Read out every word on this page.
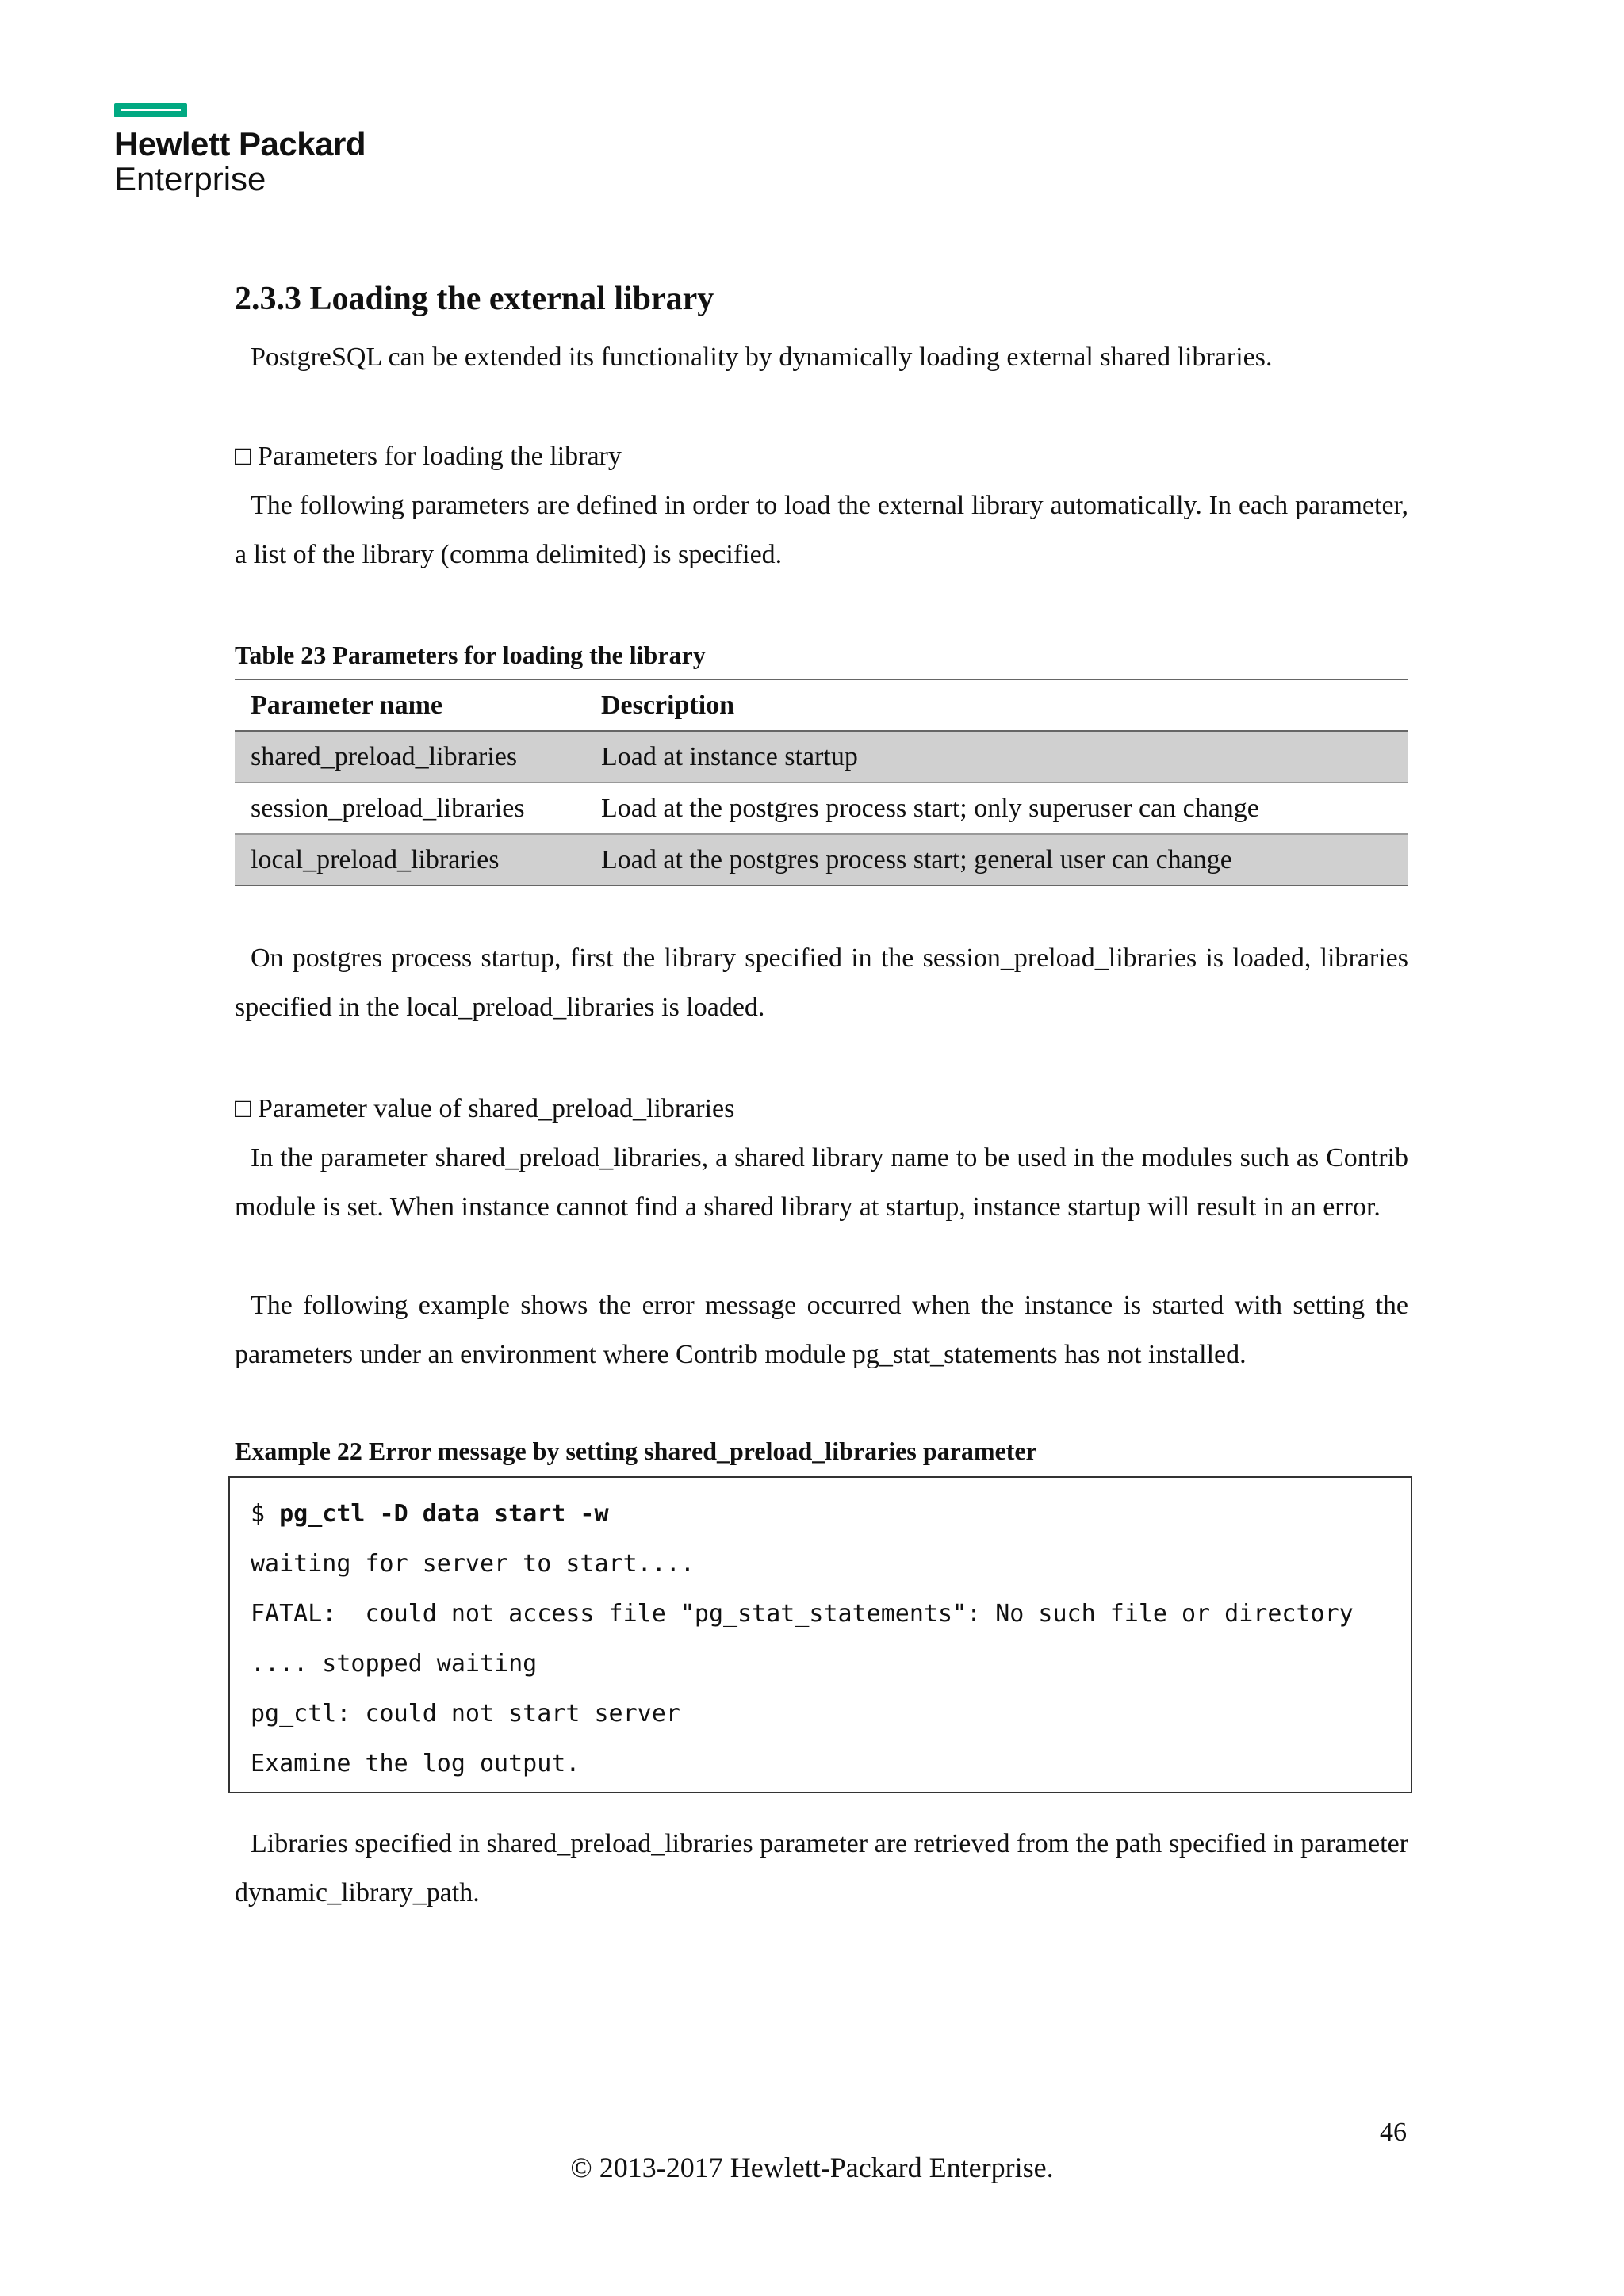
Hewlett Packard
Enterprise
2.3.3 Loading the external library
PostgreSQL can be extended its functionality by dynamically loading external shared libraries.
□ Parameters for loading the library
The following parameters are defined in order to load the external library automatically. In each parameter, a list of the library (comma delimited) is specified.
Table 23 Parameters for loading the library
Parameter name	Description
shared_preload_libraries	Load at instance startup
session_preload_libraries	Load at the postgres process start; only superuser can change
local_preload_libraries	Load at the postgres process start; general user can change
On postgres process startup, first the library specified in the session_preload_libraries is loaded, libraries specified in the local_preload_libraries is loaded.
□ Parameter value of shared_preload_libraries
In the parameter shared_preload_libraries, a shared library name to be used in the modules such as Contrib module is set. When instance cannot find a shared library at startup, instance startup will result in an error.
The following example shows the error message occurred when the instance is started with setting the parameters under an environment where Contrib module pg_stat_statements has not installed.
Example 22 Error message by setting shared_preload_libraries parameter
$ pg_ctl -D data start -w
waiting for server to start....
FATAL:  could not access file "pg_stat_statements": No such file or directory
.... stopped waiting
pg_ctl: could not start server
Examine the log output.
Libraries specified in shared_preload_libraries parameter are retrieved from the path specified in parameter dynamic_library_path.
46
© 2013-2017 Hewlett-Packard Enterprise.
